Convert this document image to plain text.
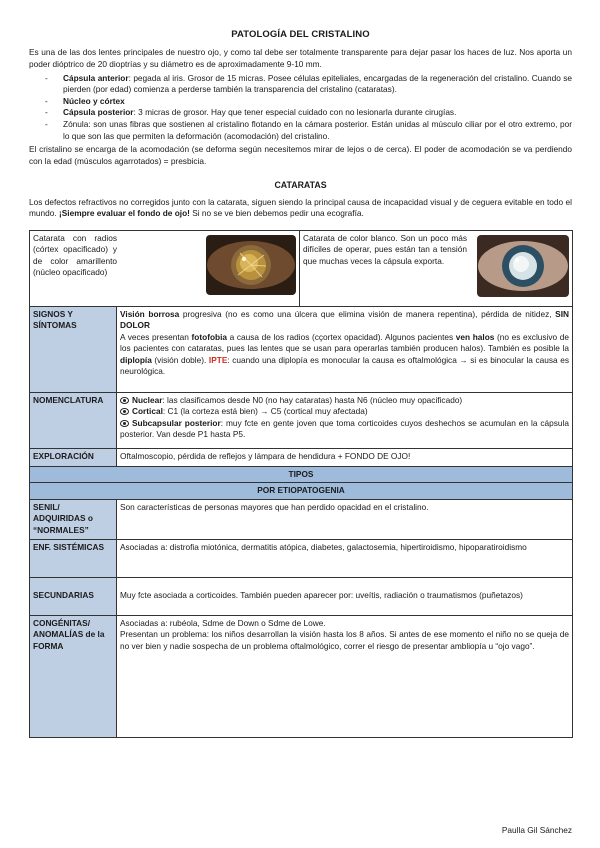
PATOLOGÍA DEL CRISTALINO

Es una de las dos lentes principales de nuestro ojo, y como tal debe ser totalmente transparente para dejar pasar los haces de luz. Nos aporta un poder dióptrico de 20 dioptrías y su diámetro es de aproximadamente 9-10 mm.

- Cápsula anterior: pegada al iris. Grosor de 15 micras. Posee células epiteliales, encargadas de la regeneración del cristalino. Cuando se pierden (por edad) comienza a perderse también la transparencia del cristalino (cataratas).
- Núcleo y córtex
- Cápsula posterior: 3 micras de grosor. Hay que tener especial cuidado con no lesionarla durante cirugías.
- Zónula: son unas fibras que sostienen al cristalino flotando en la cámara posterior. Están unidas al músculo ciliar por el otro extremo, por lo que son las que permiten la deformación (acomodación) del cristalino.

El cristalino se encarga de la acomodación (se deforma según necesitemos mirar de lejos o de cerca). El poder de acomodación se va perdiendo con la edad (músculos agarrotados) = presbicia.

CATARATAS

Los defectos refractivos no corregidos junto con la catarata, siguen siendo la principal causa de incapacidad visual y de ceguera evitable en todo el mundo. ¡Siempre evaluar el fondo de ojo! Si no se ve bien debemos pedir una ecografía.

Catarata con radios (córtex opacificado) y de color amarillento (núcleo opacificado)		Catarata de color blanco. Son un poco más difíciles de operar, pues están tan a tensión que muchas veces la cápsula exporta.

SIGNOS Y SÍNTOMAS	Visión borrosa progresiva (no es como una úlcera que elimina visión de manera repentina), pérdida de nitidez, SIN DOLOR
A veces presentan fotofobia a causa de los radios (cçortex opacidad). Algunos pacientes ven halos (no es exclusivo de los pacientes con cataratas, pues las lentes que se usan para operarlas también producen halos). También es posible la diplopía (visión doble). IPTE: cuando una diplopía es monocular la causa es oftalmológica → si es binocular la causa es neurológica.	
NOMENCLATURA	Nuclear: las clasificamos desde N0 (no hay cataratas) hasta N6 (núcleo muy opacificado)
Cortical: C1 (la corteza está bien) → C5 (cortical muy afectada)
Subcapsular posterior: muy fcte en gente joven que toma corticoides cuyos deshechos se acumulan en la cápsula posterior. Van desde P1 hasta P5.	
EXPLORACIÓN	Oftalmoscopio, pérdida de reflejos y lámpara de hendidura + FONDO DE OJO!	
TIPOS		
POR ETIOPATOGENIA		
SENIL/ ADQUIRIDAS o “NORMALES”	Son características de personas mayores que han perdido opacidad en el cristalino.	
ENF. SISTÉMICAS	Asociadas a: distrofia miotónica, dermatitis atópica, diabetes, galactosemia, hipertiroidismo, hipoparatiroidismo	
SECUNDARIAS	Muy fcte asociada a corticoides. También pueden aparecer por: uveítis, radiación o traumatismos (puñetazos)	
CONGÉNITAS/ ANOMALÍAS de la FORMA	Asociadas a: rubéola, Sdme de Down o Sdme de Lowe.
Presentan un problema: los niños desarrollan la visión hasta los 8 años. Si antes de ese momento el niño no se queja de no ver bien y nadie sospecha de un problema oftalmológico, correr el riesgo de presentar ambliopía u “ojo vago”.	
Paulla Gil Sánchez
